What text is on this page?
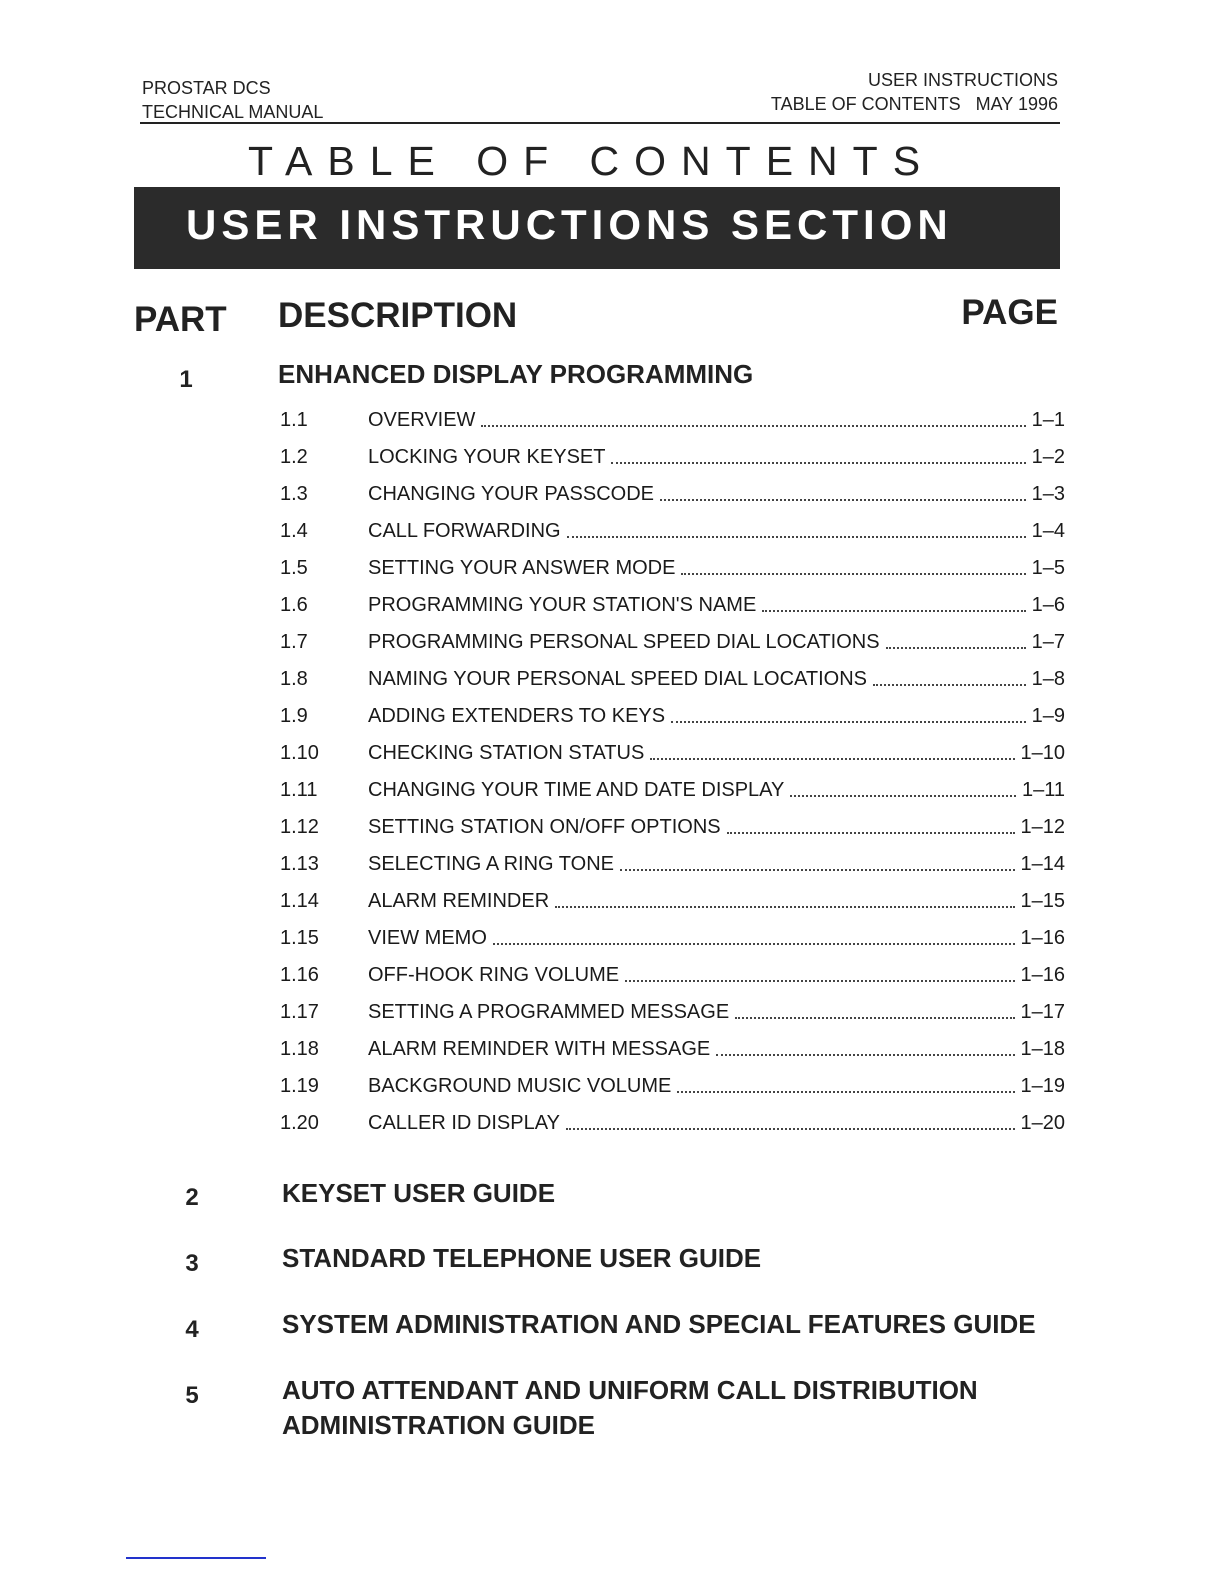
PROSTAR DCS
TECHNICAL MANUAL
USER INSTRUCTIONS
TABLE OF CONTENTS   MAY 1996
TABLE OF CONTENTS
USER INSTRUCTIONS SECTION
PART DESCRIPTION	PAGE
1	ENHANCED DISPLAY PROGRAMMING
1.1	OVERVIEW	1–1
1.2	LOCKING YOUR KEYSET	1–2
1.3	CHANGING YOUR PASSCODE	1–3
1.4	CALL FORWARDING	1–4
1.5	SETTING YOUR ANSWER MODE	1–5
1.6	PROGRAMMING YOUR STATION'S NAME	1–6
1.7	PROGRAMMING PERSONAL SPEED DIAL LOCATIONS	1–7
1.8	NAMING YOUR PERSONAL SPEED DIAL LOCATIONS	1–8
1.9	ADDING EXTENDERS TO KEYS	1–9
1.10	CHECKING STATION STATUS	1–10
1.11	CHANGING YOUR TIME AND DATE DISPLAY	1–11
1.12	SETTING STATION ON/OFF OPTIONS	1–12
1.13	SELECTING A RING TONE	1–14
1.14	ALARM REMINDER	1–15
1.15	VIEW MEMO	1–16
1.16	OFF-HOOK RING VOLUME	1–16
1.17	SETTING A PROGRAMMED MESSAGE	1–17
1.18	ALARM REMINDER WITH MESSAGE	1–18
1.19	BACKGROUND MUSIC VOLUME	1–19
1.20	CALLER ID DISPLAY	1–20
2	KEYSET USER GUIDE
3	STANDARD TELEPHONE USER GUIDE
4	SYSTEM ADMINISTRATION AND SPECIAL FEATURES GUIDE
5	AUTO ATTENDANT AND UNIFORM CALL DISTRIBUTION
ADMINISTRATION GUIDE
